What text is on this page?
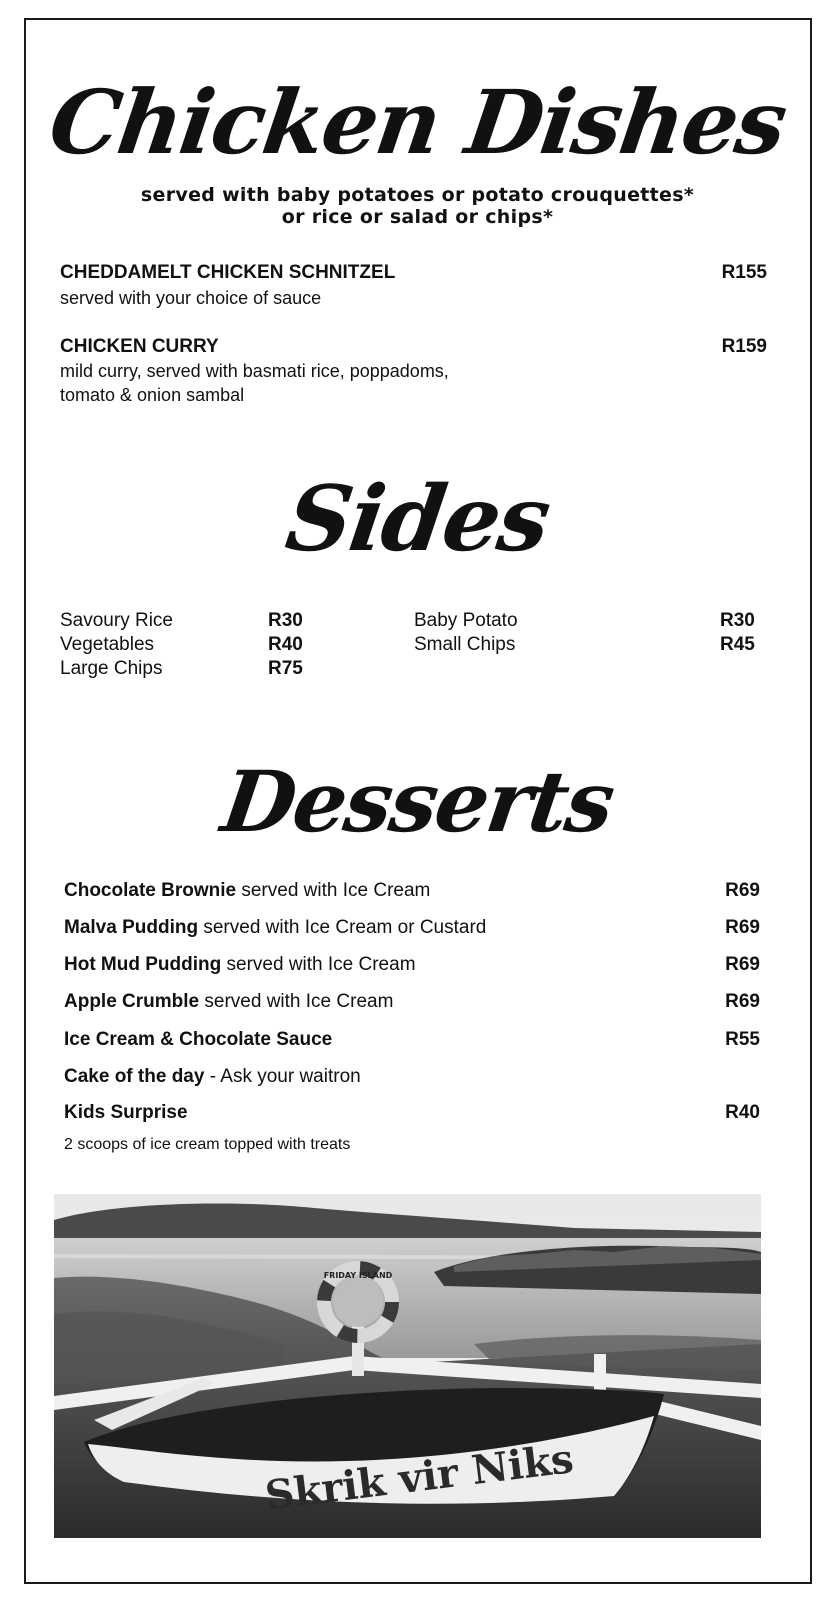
Chicken Dishes
served with baby potatoes or potato crouquettes*
or rice or salad or chips*
CHEDDAMELT CHICKEN SCHNITZEL	R155
served with your choice of sauce
CHICKEN CURRY	R159
mild curry, served with basmati rice, poppadoms,
tomato & onion sambal
Sides
Savoury Rice	R30
Vegetables	R40
Large Chips	R75
Baby Potato	R30
Small Chips	R45
Desserts
Chocolate Brownie served with Ice Cream	R69
Malva Pudding served with Ice Cream or Custard	R69
Hot Mud Pudding served with Ice Cream	R69
Apple Crumble served with Ice Cream	R69
Ice Cream & Chocolate Sauce	R55
Cake of the day - Ask your waitron
Kids Surprise	R40
2 scoops of ice cream topped with treats
FRIDAY ISLAND
Skrik vir Niks
